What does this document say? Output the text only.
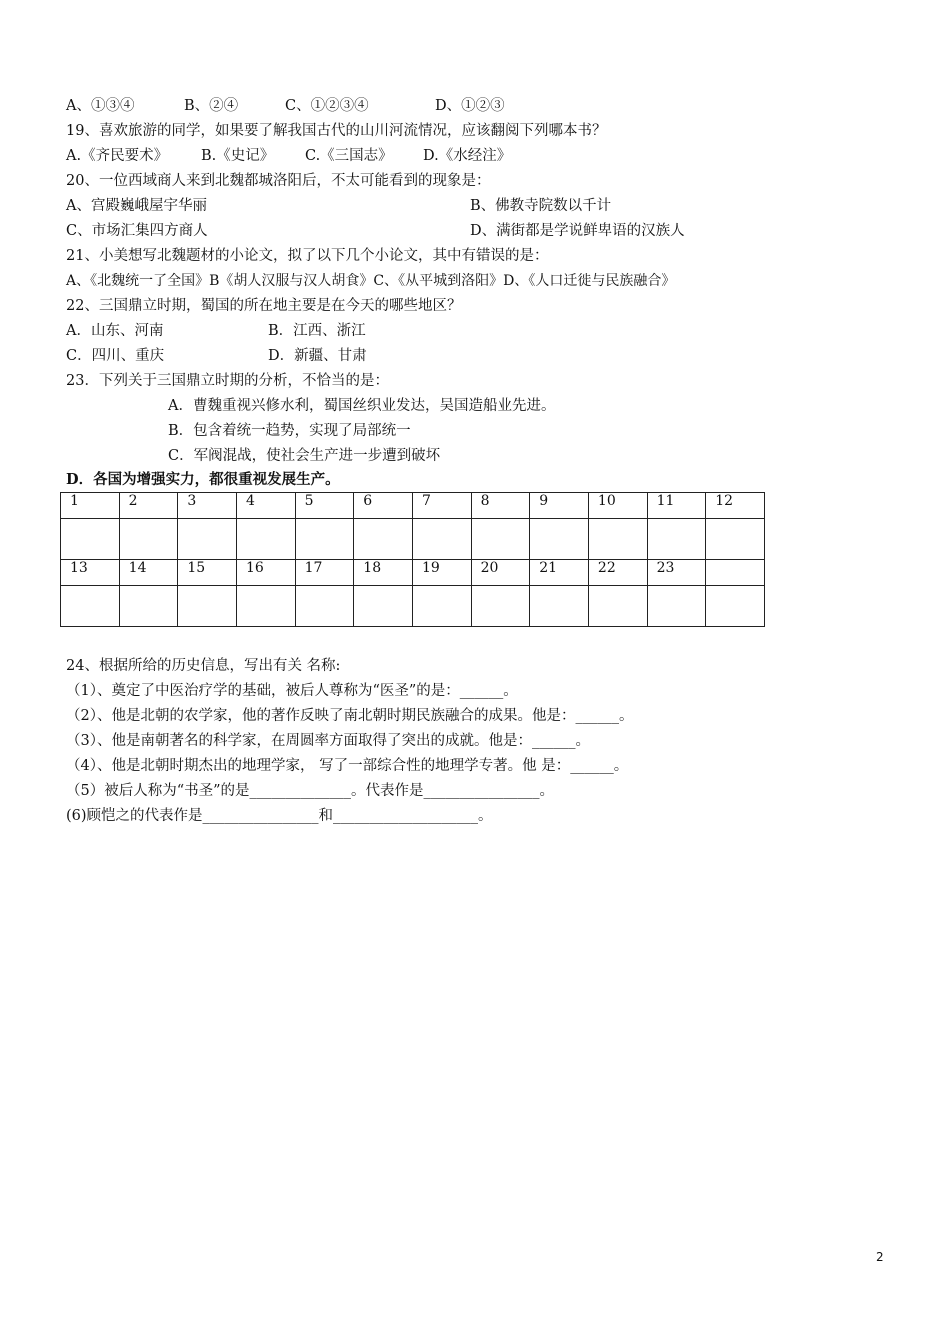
A、①③④	B、②④	C、①②③④	D、①②③
19、喜欢旅游的同学，如果要了解我国古代的山川河流情况，应该翻阅下列哪本书？
A.《齐民要术》 B.《史记》 C.《三国志》 D.《水经注》
20、一位西域商人来到北魏都城洛阳后，不太可能看到的现象是：
A、宫殿巍峨屋宇华丽	B、佛教寺院数以千计
C、市场汇集四方商人	D、满街都是学说鲜卑语的汉族人
21、小美想写北魏题材的小论文，拟了以下几个小论文，其中有错误的是：
A、《北魏统一了全国》B《胡人汉服与汉人胡食》C、《从平城到洛阳》D、《人口迁徙与民族融合》
22、三国鼎立时期，蜀国的所在地主要是在今天的哪些地区？
A．山东、河南	B．江西、浙江
C．四川、重庆	D．新疆、甘肃
23．下列关于三国鼎立时期的分析，不恰当的是：
A．曹魏重视兴修水利，蜀国丝织业发达，吴国造船业先进。
B．包含着统一趋势，实现了局部统一
C．军阀混战，使社会生产进一步遭到破坏
D．各国为增强实力，都很重视发展生产。
1	2	3	4	5	6	7	8	9	10	11	12

13	14	15	16	17	18	19	20	21	22	23	

24、根据所给的历史信息，写出有关 名称:
（1）、奠定了中医治疗学的基础，被后人尊称为“医圣”的是：______。
（2）、他是北朝的农学家，他的著作反映了南北朝时期民族融合的成果。他是：______。
（3）、他是南朝著名的科学家，在周圆率方面取得了突出的成就。他是：______。
（4）、他是北朝时期杰出的地理学家， 写了一部综合性的地理学专著。他 是：______。
（5）被后人称为“书圣”的是______________。代表作是________________。
(6)顾恺之的代表作是________________和____________________。
2
